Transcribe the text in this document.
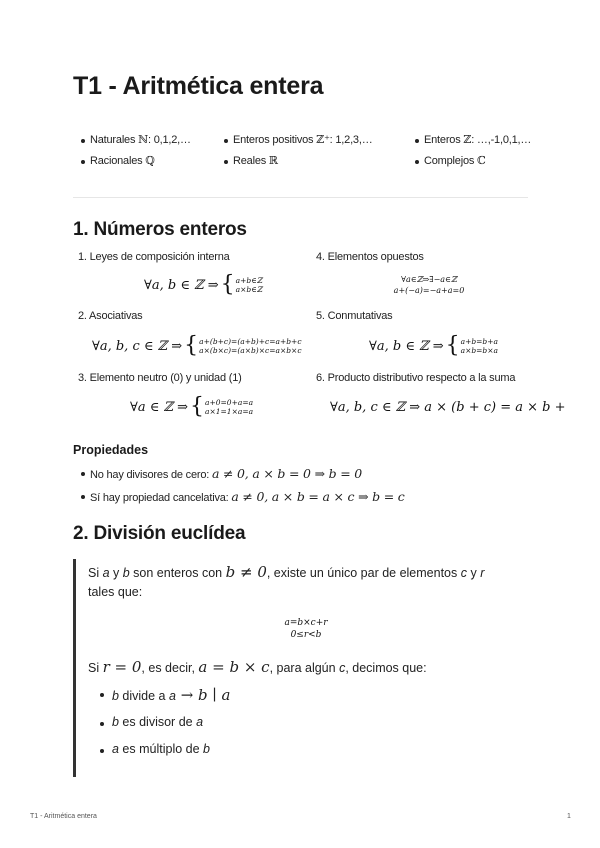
T1 - Aritmética entera
Naturales ℕ: 0,1,2,…	Enteros positivos ℤ⁺: 1,2,3,…	Enteros ℤ: …,-1,0,1,…
Racionales ℚ	Reales ℝ	Complejos ℂ
1. Números enteros
1. Leyes de composición interna
∀a, b ∈ ℤ ⇒ { a+b∈ℤ
a×b∈ℤ
4. Elementos opuestos
∀a∈ℤ⇒∃−a∈ℤ
a+(−a)=−a+a=0
2. Asociativas
∀a, b, c ∈ ℤ ⇒ { a+(b+c)=(a+b)+c=a+b+c
a×(b×c)=(a×b)×c=a×b×c
5. Conmutativas
∀a, b ∈ ℤ ⇒ { a+b=b+a
a×b=b×a
3. Elemento neutro (0) y unidad (1)
∀a ∈ ℤ ⇒ { a+0=0+a=a
a×1=1×a=a
6. Producto distributivo respecto a la suma
∀a, b, c ∈ ℤ ⇒ a × (b + c) = a × b +
Propiedades
No hay divisores de cero: a ≠ 0, a × b = 0 ⇒ b = 0
Sí hay propiedad cancelativa: a ≠ 0, a × b = a × c ⇒ b = c
2. División euclídea
Si a y b son enteros con b ≠ 0, existe un único par de elementos c y r
tales que:
a=b×c+r
0≤r<b
Si r = 0, es decir, a = b × c, para algún c, decimos que:
b divide a a → b ∣ a
b es divisor de a
a es múltiplo de b
T1 - Aritmética entera	1
